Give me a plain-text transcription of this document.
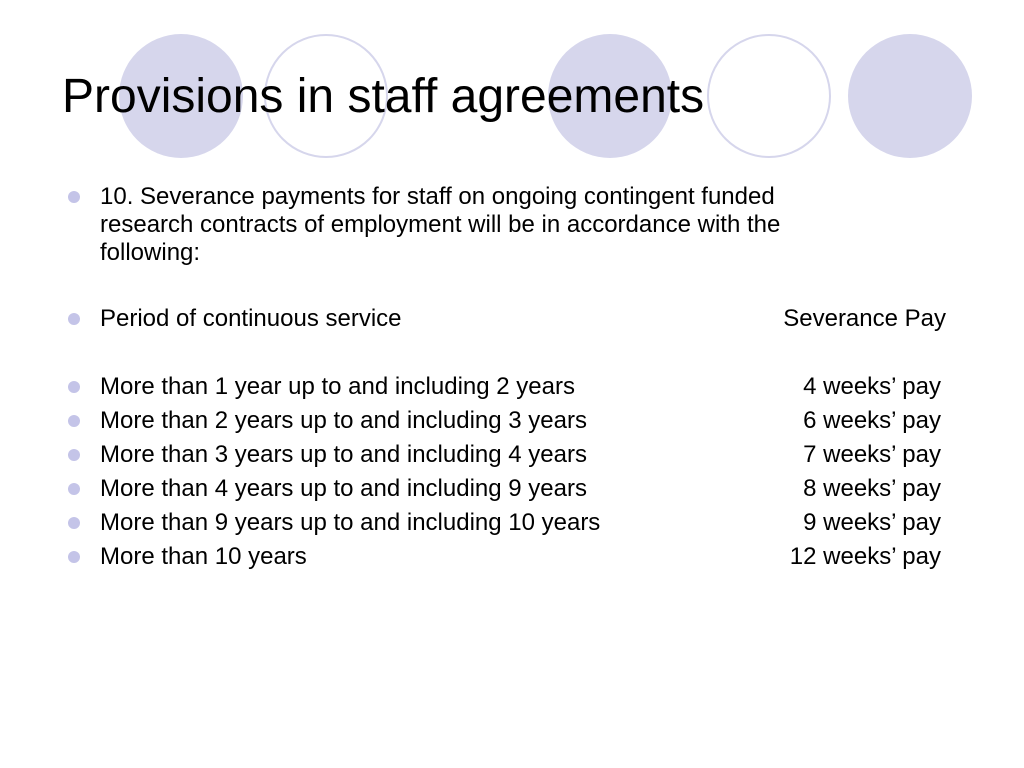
Provisions in staff agreements
10. Severance payments for staff on ongoing contingent funded
research contracts of employment will be in accordance with the
following:
Period of continuous service	Severance Pay
More than 1 year up to and including 2 years	4 weeks’ pay
More than 2 years up to and including 3 years	6 weeks’ pay
More than 3 years up to and including 4 years	7 weeks’ pay
More than 4 years up to and including 9 years	8 weeks’ pay
More than 9 years up to and including 10 years	9 weeks’ pay
More than 10 years	12 weeks’ pay
